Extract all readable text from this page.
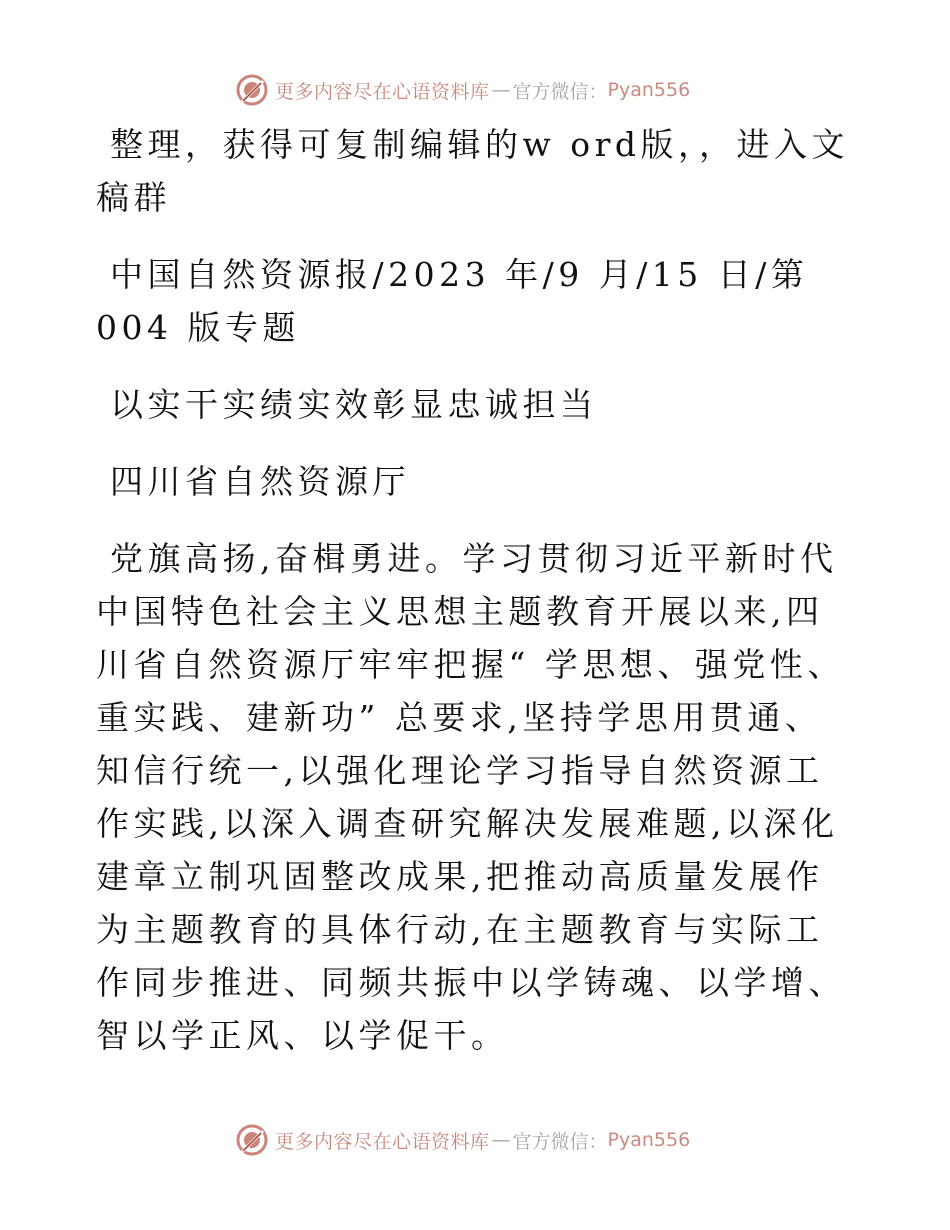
更多内容尽在心语资料库 — 官方微信： Pyan556

整理，获得可复制编辑的w ord版，，进入文稿群

中国自然资源报/2023 年/9 月/15 日/第 004 版专题

以实干实绩实效彰显忠诚担当

四川省自然资源厅

党旗高扬,奋楫勇进。学习贯彻习近平新时代中国特色社会主义思想主题教育开展以来,四川省自然资源厅牢牢把握“ 学思想、强党性、重实践、建新功” 总要求,坚持学思用贯通、知信行统一,以强化理论学习指导自然资源工作实践,以深入调查研究解决发展难题,以深化建章立制巩固整改成果,把推动高质量发展作为主题教育的具体行动,在主题教育与实际工作同步推进、同频共振中以学铸魂、以学增、智以学正风、以学促干。

更多内容尽在心语资料库 — 官方微信： Pyan556
